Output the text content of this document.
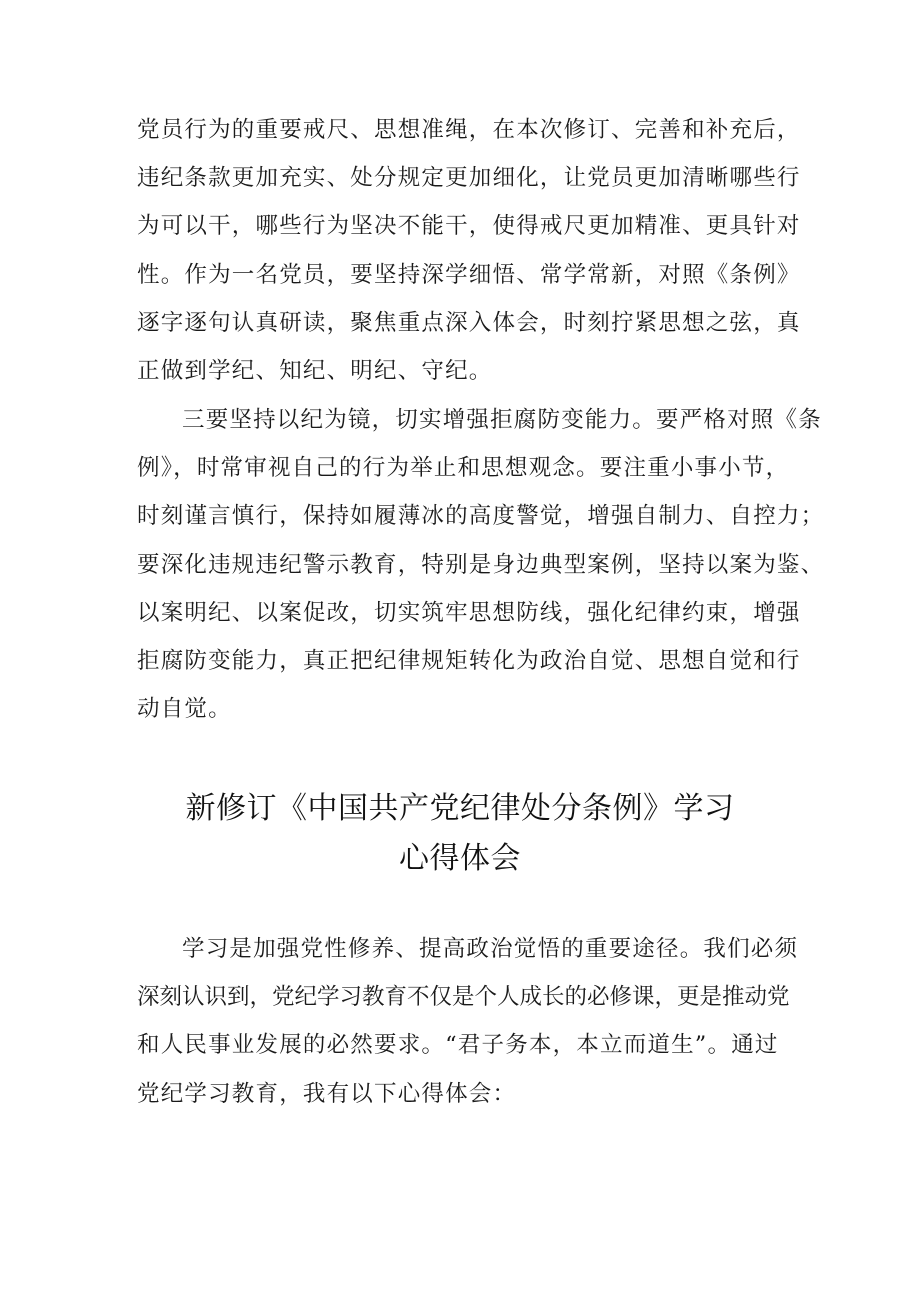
党员行为的重要戒尺、思想准绳，在本次修订、完善和补充后，
违纪条款更加充实、处分规定更加细化，让党员更加清晰哪些行
为可以干，哪些行为坚决不能干，使得戒尺更加精准、更具针对
性。作为一名党员，要坚持深学细悟、常学常新，对照《条例》
逐字逐句认真研读，聚焦重点深入体会，时刻拧紧思想之弦，真
正做到学纪、知纪、明纪、守纪。
三要坚持以纪为镜，切实增强拒腐防变能力。要严格对照《条
例》，时常审视自己的行为举止和思想观念。要注重小事小节，
时刻谨言慎行，保持如履薄冰的高度警觉，增强自制力、自控力；
要深化违规违纪警示教育，特别是身边典型案例，坚持以案为鉴、
以案明纪、以案促改，切实筑牢思想防线，强化纪律约束，增强
拒腐防变能力，真正把纪律规矩转化为政治自觉、思想自觉和行
动自觉。
新修订《中国共产党纪律处分条例》学习
心得体会
学习是加强党性修养、提高政治觉悟的重要途径。我们必须
深刻认识到，党纪学习教育不仅是个人成长的必修课，更是推动党
和人民事业发展的必然要求。“君子务本，本立而道生”。通过
党纪学习教育，我有以下心得体会：
